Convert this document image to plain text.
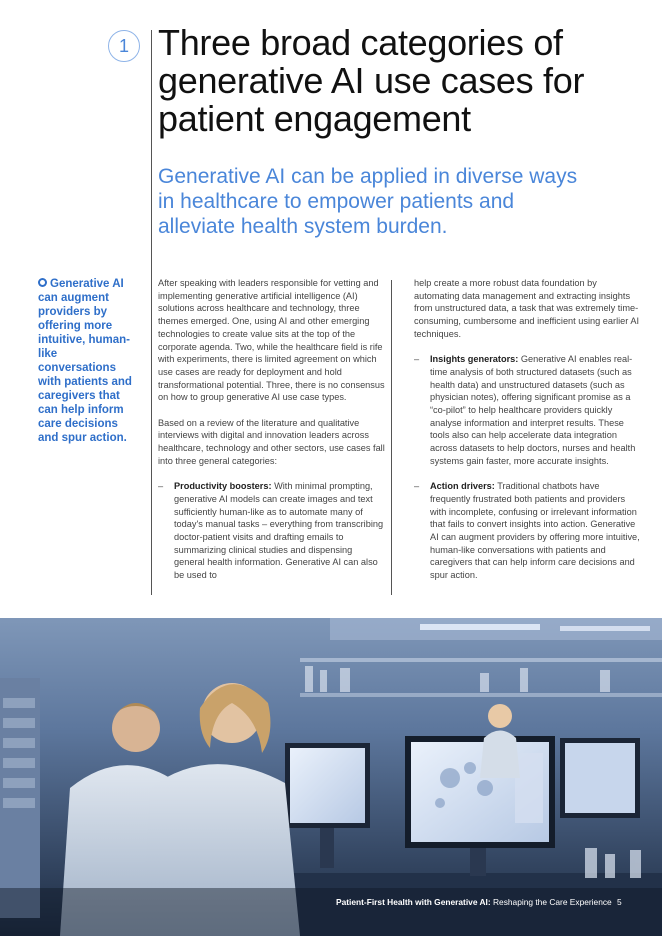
1 Three broad categories of generative AI use cases for patient engagement
Generative AI can be applied in diverse ways in healthcare to empower patients and alleviate health system burden.
Generative AI can augment providers by offering more intuitive, human-like conversations with patients and caregivers that can help inform care decisions and spur action.

After speaking with leaders responsible for vetting and implementing generative artificial intelligence (AI) solutions across healthcare and technology, three themes emerged. One, using AI and other emerging technologies to create value sits at the top of the corporate agenda. Two, while the healthcare field is rife with experiments, there is limited agreement on which use cases are ready for deployment and hold transformational potential. Three, there is no consensus on how to group generative AI use case types.

Based on a review of the literature and qualitative interviews with digital and innovation leaders across healthcare, technology and other sectors, use cases fall into three general categories:

– Productivity boosters: With minimal prompting, generative AI models can create images and text sufficiently human-like as to automate many of today's manual tasks – everything from transcribing doctor-patient visits and drafting emails to summarizing clinical studies and dispensing general health information. Generative AI can also be used to
help create a more robust data foundation by automating data management and extracting insights from unstructured data, a task that was extremely time-consuming, cumbersome and inefficient using earlier AI techniques.
– Insights generators: Generative AI enables real-time analysis of both structured datasets (such as health data) and unstructured datasets (such as physician notes), offering significant promise as a “co-pilot” to help healthcare providers quickly analyse information and interpret results. These tools also can help accelerate data integration across datasets to help doctors, nurses and health systems gain faster, more accurate insights.
– Action drivers: Traditional chatbots have frequently frustrated both patients and providers with incomplete, confusing or irrelevant information that fails to convert insights into action. Generative AI can augment providers by offering more intuitive, human-like conversations with patients and caregivers that can help inform care decisions and spur action.
Patient-First Health with Generative AI: Reshaping the Care Experience 5
